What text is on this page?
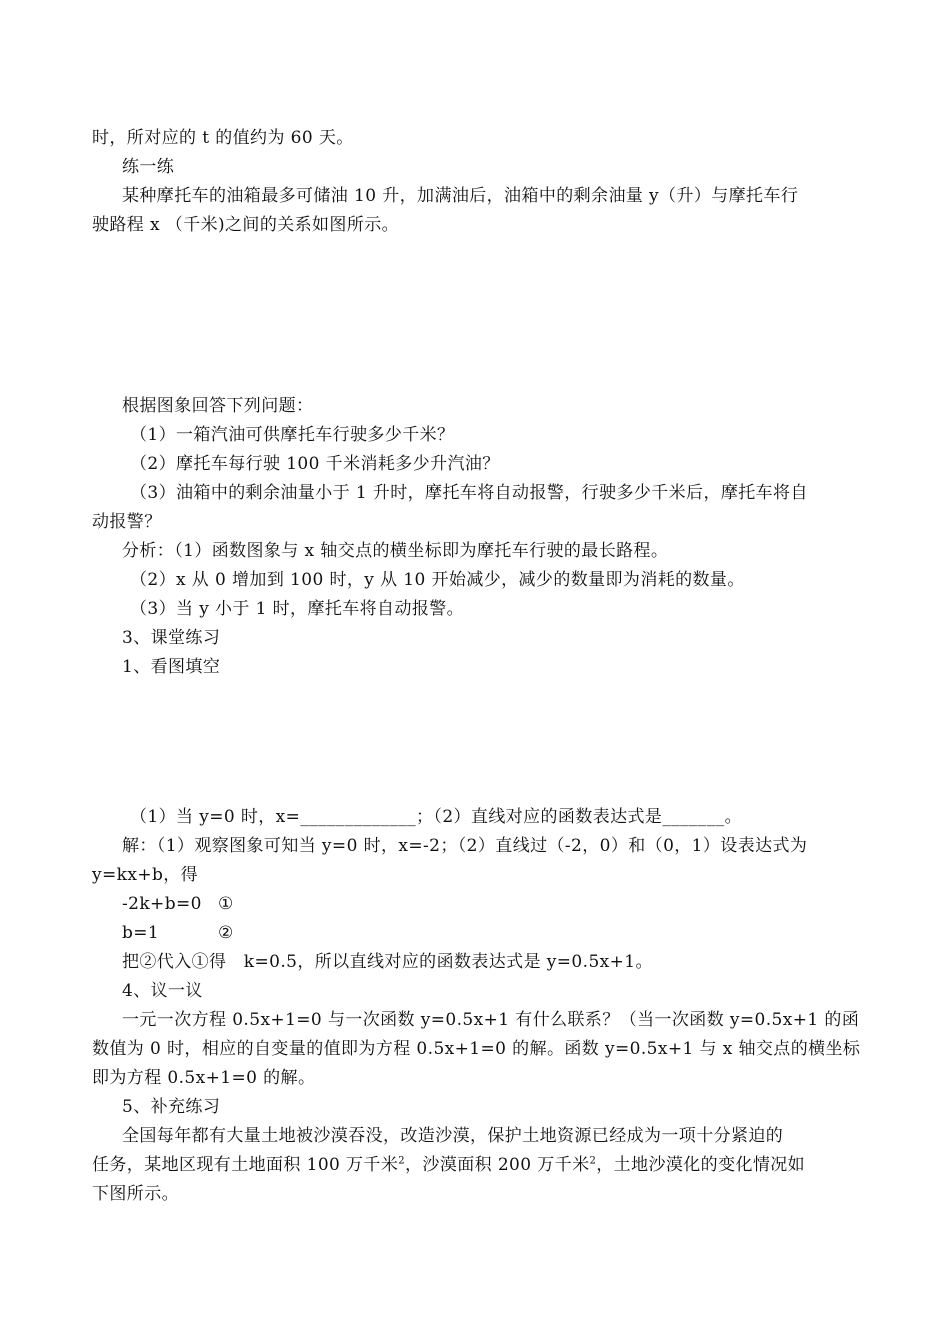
时，所对应的 t 的值约为 60 天。
练一练
某种摩托车的油箱最多可储油 10 升，加满油后，油箱中的剩余油量 y（升）与摩托车行
驶路程 x （千米)之间的关系如图所示。
根据图象回答下列问题：
（1）一箱汽油可供摩托车行驶多少千米？
（2）摩托车每行驶 100 千米消耗多少升汽油？
（3）油箱中的剩余油量小于 1 升时，摩托车将自动报警，行驶多少千米后，摩托车将自
动报警？
分析：（1）函数图象与 x 轴交点的横坐标即为摩托车行驶的最长路程。
（2）x 从 0 增加到 100 时，y 从 10 开始减少，减少的数量即为消耗的数量。
（3）当 y 小于 1 时，摩托车将自动报警。
3、课堂练习
1、看图填空
（1）当 y=0 时，x=_____________；（2）直线对应的函数表达式是_______。
解：（1）观察图象可知当 y=0 时，x=-2；（2）直线过（-2，0）和（0，1）设表达式为
y=kx+b，得
-2k+b=0 ①
b=1	②
把②代入①得　k=0.5，所以直线对应的函数表达式是 y=0.5x+1。
4、议一议
一元一次方程 0.5x+1=0 与一次函数 y=0.5x+1 有什么联系？（当一次函数 y=0.5x+1 的函
数值为 0 时，相应的自变量的值即为方程 0.5x+1=0 的解。函数 y=0.5x+1 与 x 轴交点的横坐标
即为方程 0.5x+1=0 的解。
5、补充练习
全国每年都有大量土地被沙漠吞没，改造沙漠，保护土地资源已经成为一项十分紧迫的
任务，某地区现有土地面积 100 万千米$^2$，沙漠面积 200 万千米$^2$，土地沙漠化的变化情况如
下图所示。
